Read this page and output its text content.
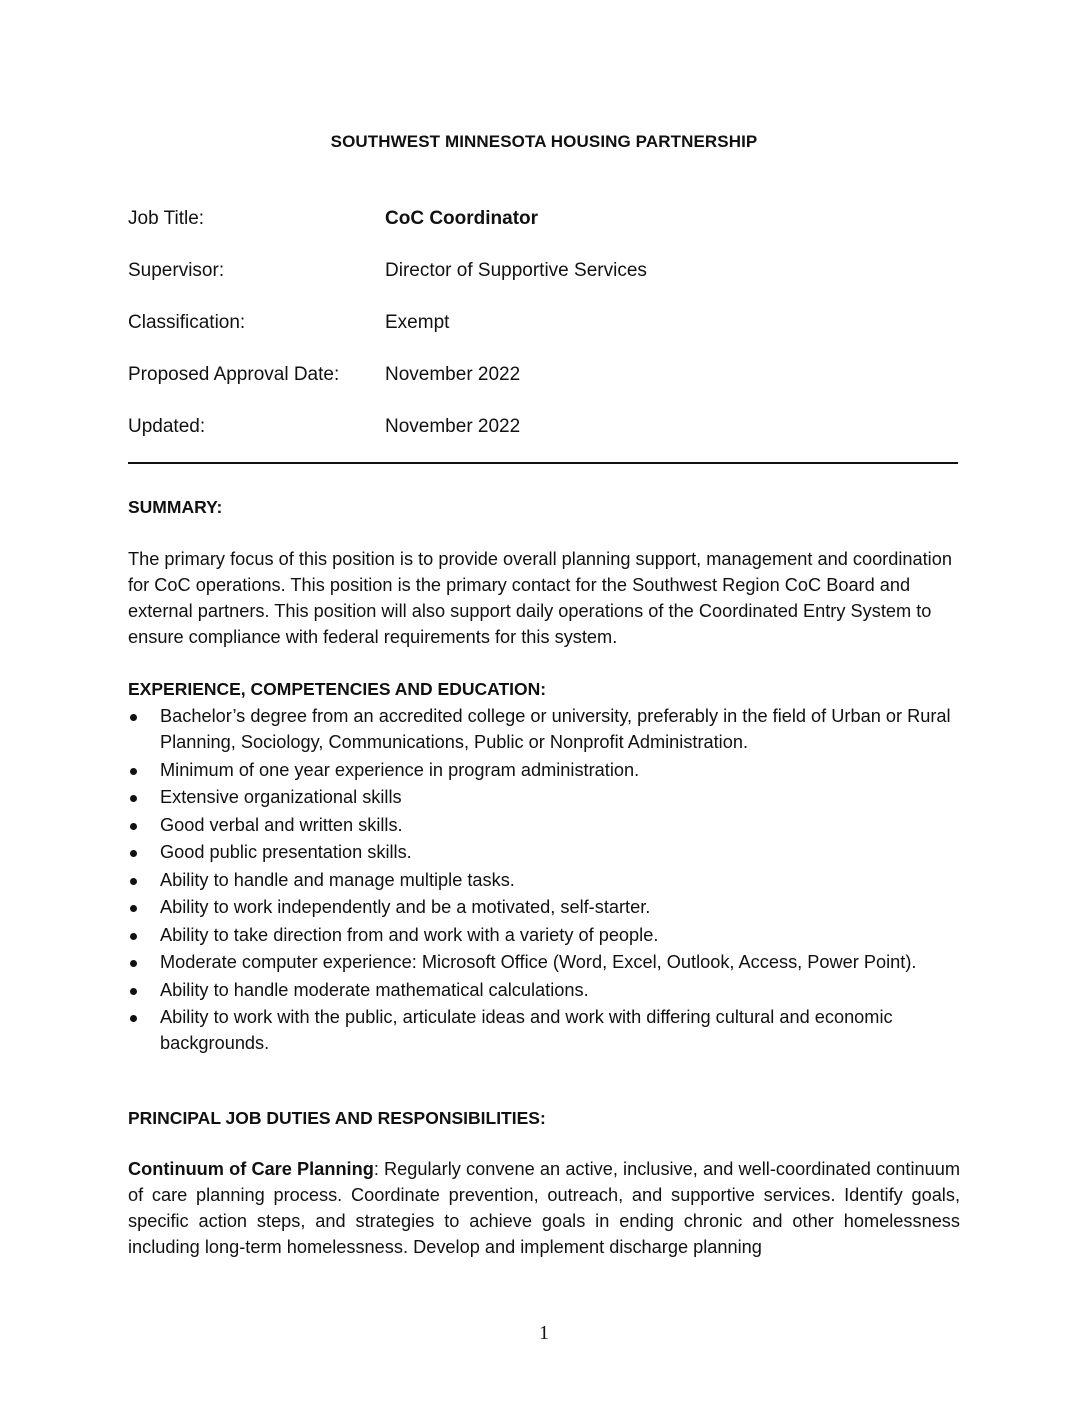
SOUTHWEST MINNESOTA HOUSING PARTNERSHIP
Job Title:	CoC Coordinator
Supervisor:	Director of Supportive Services
Classification:	Exempt
Proposed Approval Date: November 2022
Updated:	November 2022
SUMMARY:

The primary focus of this position is to provide overall planning support, management and coordination for CoC operations. This position is the primary contact for the Southwest Region CoC Board and external partners. This position will also support daily operations of the Coordinated Entry System to ensure compliance with federal requirements for this system.

EXPERIENCE, COMPETENCIES AND EDUCATION:
Bachelor’s degree from an accredited college or university, preferably in the field of Urban or Rural Planning, Sociology, Communications, Public or Nonprofit Administration.
Minimum of one year experience in program administration.
Extensive organizational skills
Good verbal and written skills.
Good public presentation skills.
Ability to handle and manage multiple tasks.
Ability to work independently and be a motivated, self-starter.
Ability to take direction from and work with a variety of people.
Moderate computer experience: Microsoft Office (Word, Excel, Outlook, Access, Power Point).
Ability to handle moderate mathematical calculations.
Ability to work with the public, articulate ideas and work with differing cultural and economic backgrounds.
PRINCIPAL JOB DUTIES AND RESPONSIBILITIES:

Continuum of Care Planning: Regularly convene an active, inclusive, and well-coordinated continuum of care planning process. Coordinate prevention, outreach, and supportive services. Identify goals, specific action steps, and strategies to achieve goals in ending chronic and other homelessness including long-term homelessness. Develop and implement discharge planning

1
